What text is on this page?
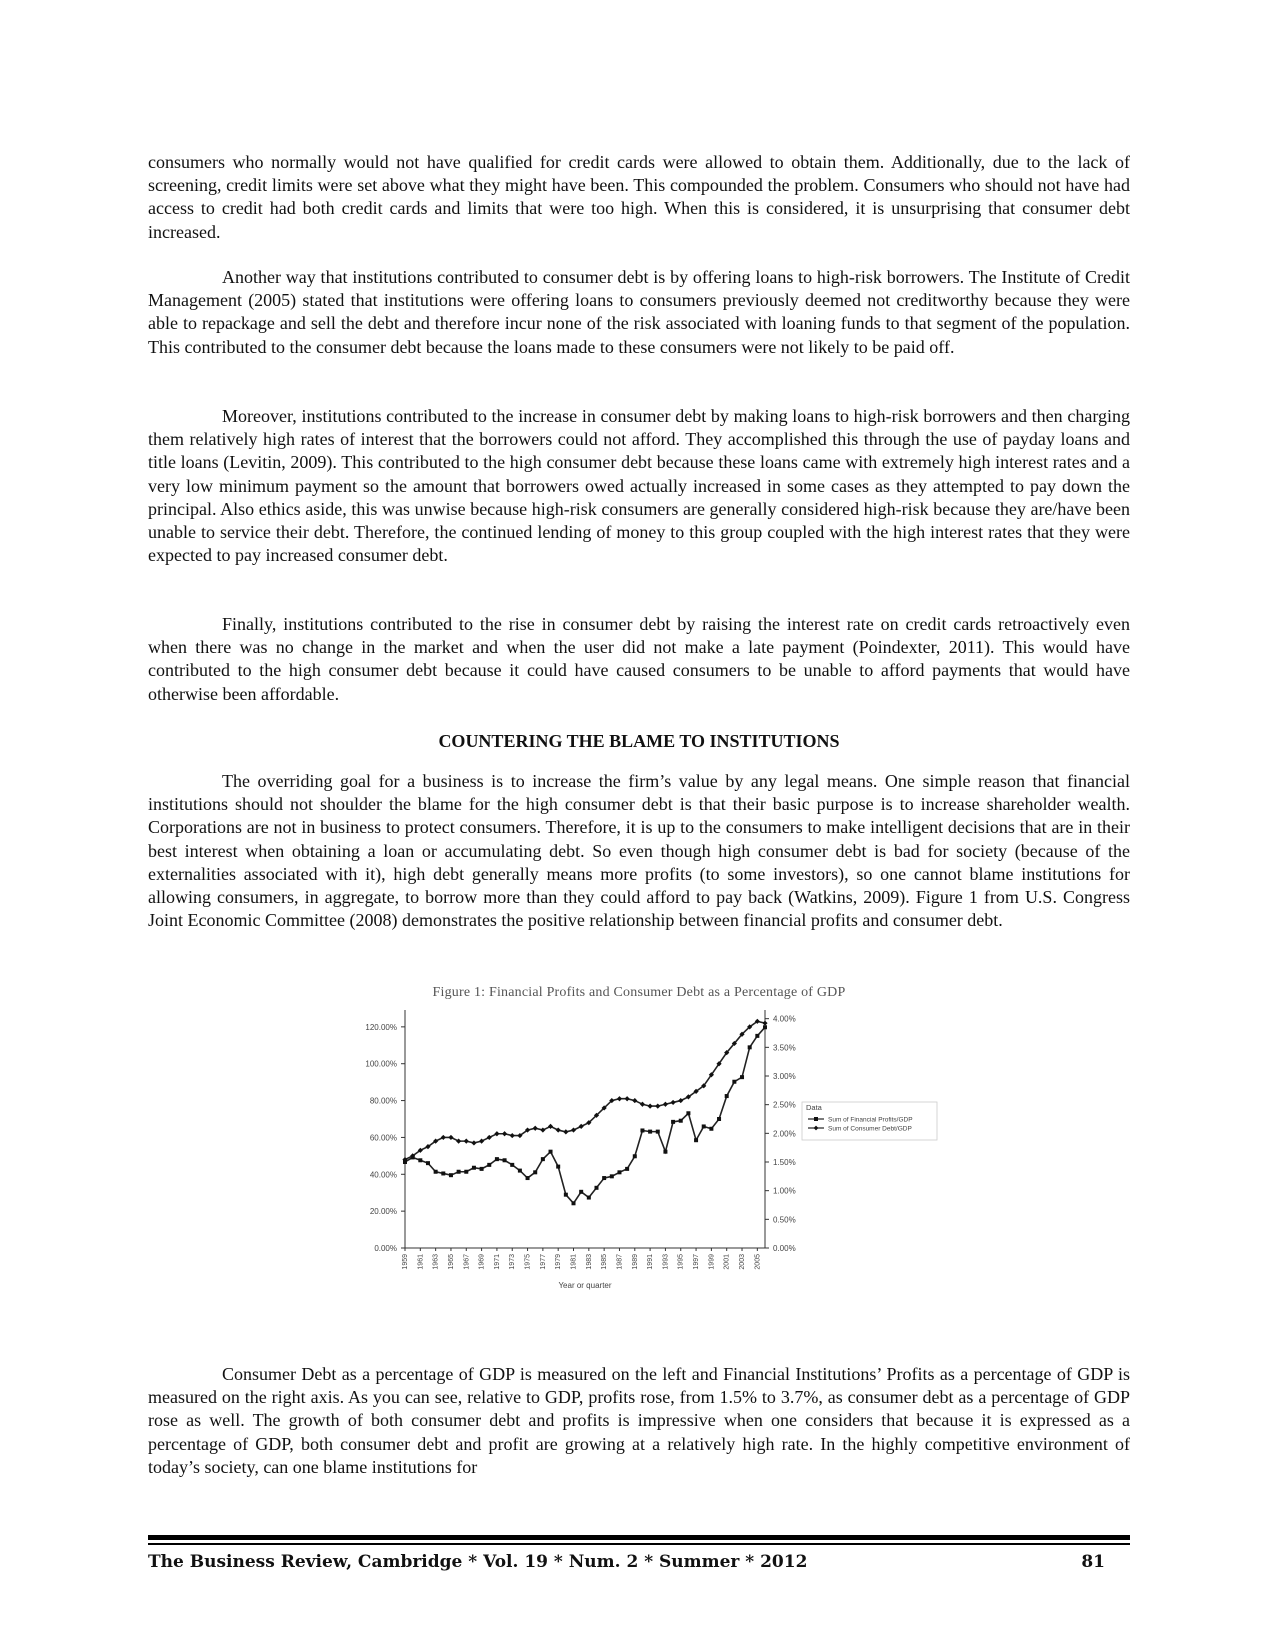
consumers who normally would not have qualified for credit cards were allowed to obtain them. Additionally, due to the lack of screening, credit limits were set above what they might have been. This compounded the problem. Consumers who should not have had access to credit had both credit cards and limits that were too high. When this is considered, it is unsurprising that consumer debt increased.

Another way that institutions contributed to consumer debt is by offering loans to high-risk borrowers. The Institute of Credit Management (2005) stated that institutions were offering loans to consumers previously deemed not creditworthy because they were able to repackage and sell the debt and therefore incur none of the risk associated with loaning funds to that segment of the population. This contributed to the consumer debt because the loans made to these consumers were not likely to be paid off.

Moreover, institutions contributed to the increase in consumer debt by making loans to high-risk borrowers and then charging them relatively high rates of interest that the borrowers could not afford. They accomplished this through the use of payday loans and title loans (Levitin, 2009). This contributed to the high consumer debt because these loans came with extremely high interest rates and a very low minimum payment so the amount that borrowers owed actually increased in some cases as they attempted to pay down the principal. Also ethics aside, this was unwise because high-risk consumers are generally considered high-risk because they are/have been unable to service their debt. Therefore, the continued lending of money to this group coupled with the high interest rates that they were expected to pay increased consumer debt.

Finally, institutions contributed to the rise in consumer debt by raising the interest rate on credit cards retroactively even when there was no change in the market and when the user did not make a late payment (Poindexter, 2011). This would have contributed to the high consumer debt because it could have caused consumers to be unable to afford payments that would have otherwise been affordable.

COUNTERING THE BLAME TO INSTITUTIONS

The overriding goal for a business is to increase the firm’s value by any legal means. One simple reason that financial institutions should not shoulder the blame for the high consumer debt is that their basic purpose is to increase shareholder wealth. Corporations are not in business to protect consumers. Therefore, it is up to the consumers to make intelligent decisions that are in their best interest when obtaining a loan or accumulating debt. So even though high consumer debt is bad for society (because of the externalities associated with it), high debt generally means more profits (to some investors), so one cannot blame institutions for allowing consumers, in aggregate, to borrow more than they could afford to pay back (Watkins, 2009). Figure 1 from U.S. Congress Joint Economic Committee (2008) demonstrates the positive relationship between financial profits and consumer debt.

Figure 1: Financial Profits and Consumer Debt as a Percentage of GDP

0.00%
20.00%
40.00%
60.00%
80.00%
100.00%
120.00%
0.00%
0.50%
1.00%
1.50%
2.00%
2.50%
3.00%
3.50%
4.00%
1959 1961 1963 1965 1967 1969 1971 1973 1975 1977 1979 1981 1983 1985 1987 1989 1991 1993 1995 1997 1999 2001 2003 2005
Year or quarter
Data
Sum of Financial Profits/GDP
Sum of Consumer Debt/GDP

Consumer Debt as a percentage of GDP is measured on the left and Financial Institutions’ Profits as a percentage of GDP is measured on the right axis. As you can see, relative to GDP, profits rose, from 1.5% to 3.7%, as consumer debt as a percentage of GDP rose as well. The growth of both consumer debt and profits is impressive when one considers that because it is expressed as a percentage of GDP, both consumer debt and profit are growing at a relatively high rate. In the highly competitive environment of today’s society, can one blame institutions for

The Business Review, Cambridge * Vol. 19 * Num. 2 * Summer * 2012	81
